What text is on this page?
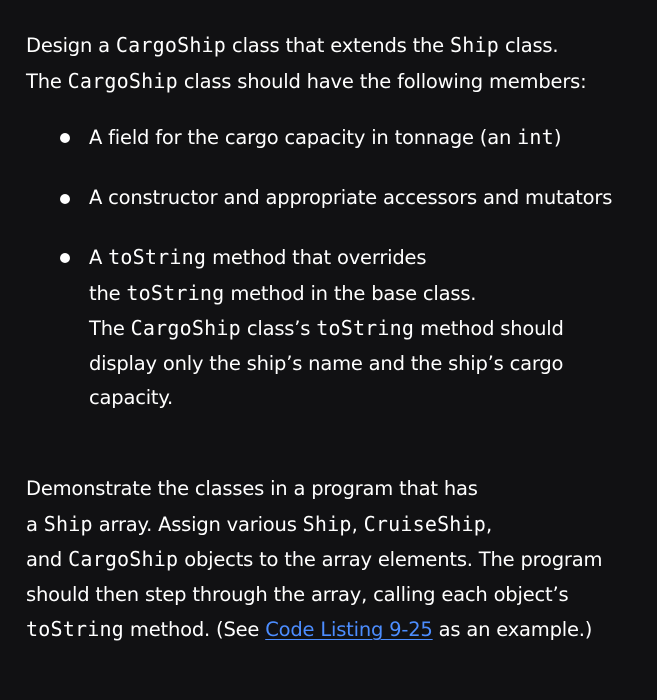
Design a CargoShip class that extends the Ship class.
The CargoShip class should have the following members:

A field for the cargo capacity in tonnage (an int)
A constructor and appropriate accessors and mutators
A toString method that overrides
the toString method in the base class.
The CargoShip class’s toString method should display only the ship’s name and the ship’s cargo capacity.

Demonstrate the classes in a program that has
a Ship array. Assign various Ship, CruiseShip,
and CargoShip objects to the array elements. The program should then step through the array, calling each object’s toString method. (See Code Listing 9-25 as an example.)
